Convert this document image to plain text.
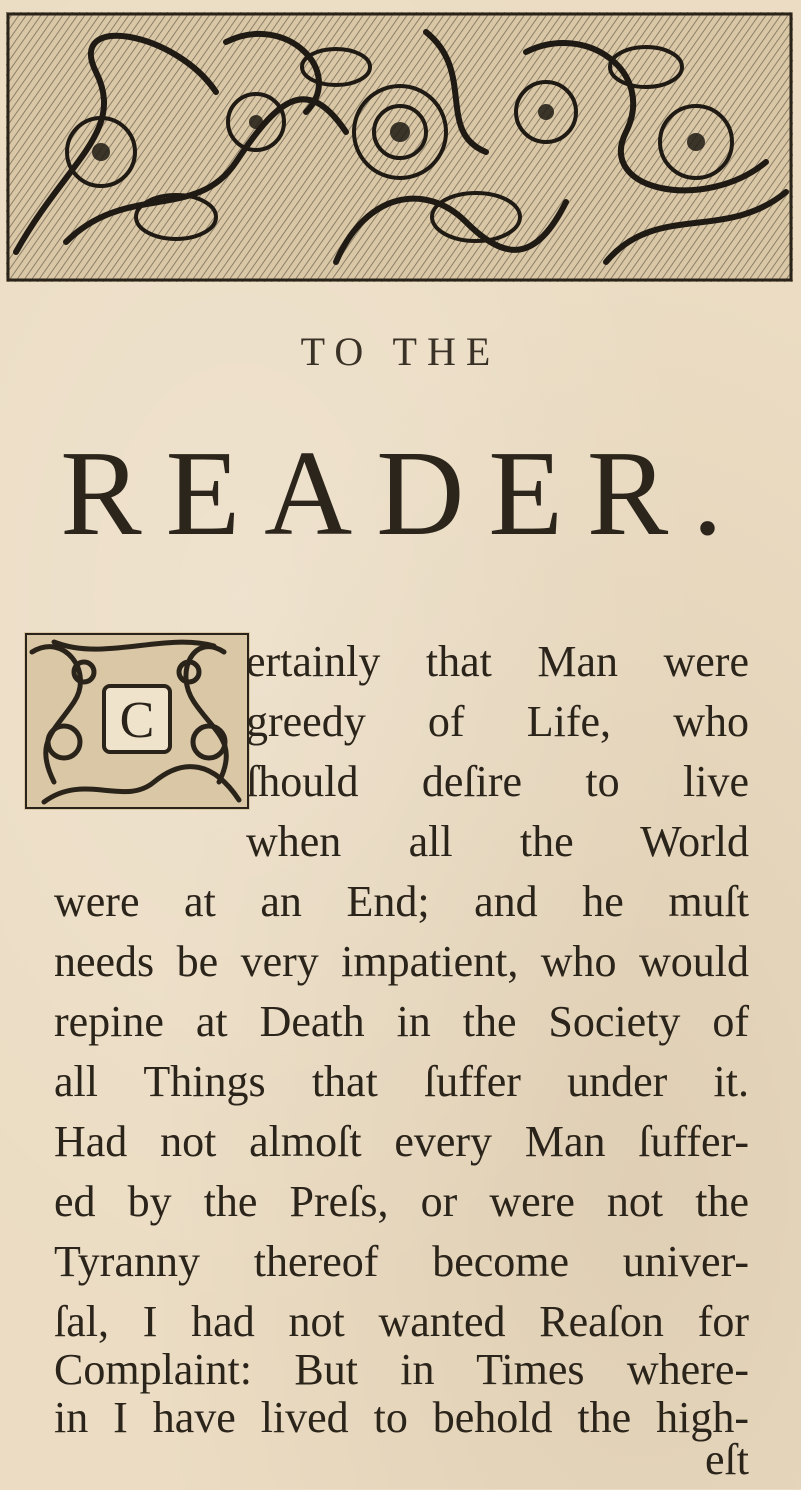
TO THE
READER.
C
ertainly that Man were
greedy of Life, who
ſhould deſire to live
when all the World
were at an End; and he muſt
needs be very impatient, who would
repine at Death in the Society of
all Things that ſuffer under it.
Had not almoſt every Man ſuffer-
ed by the Preſs, or were not the
Tyranny thereof become univer-
ſal, I had not wanted Reaſon for
Complaint: But in Times where-
in I have lived to behold the high-
eſt
